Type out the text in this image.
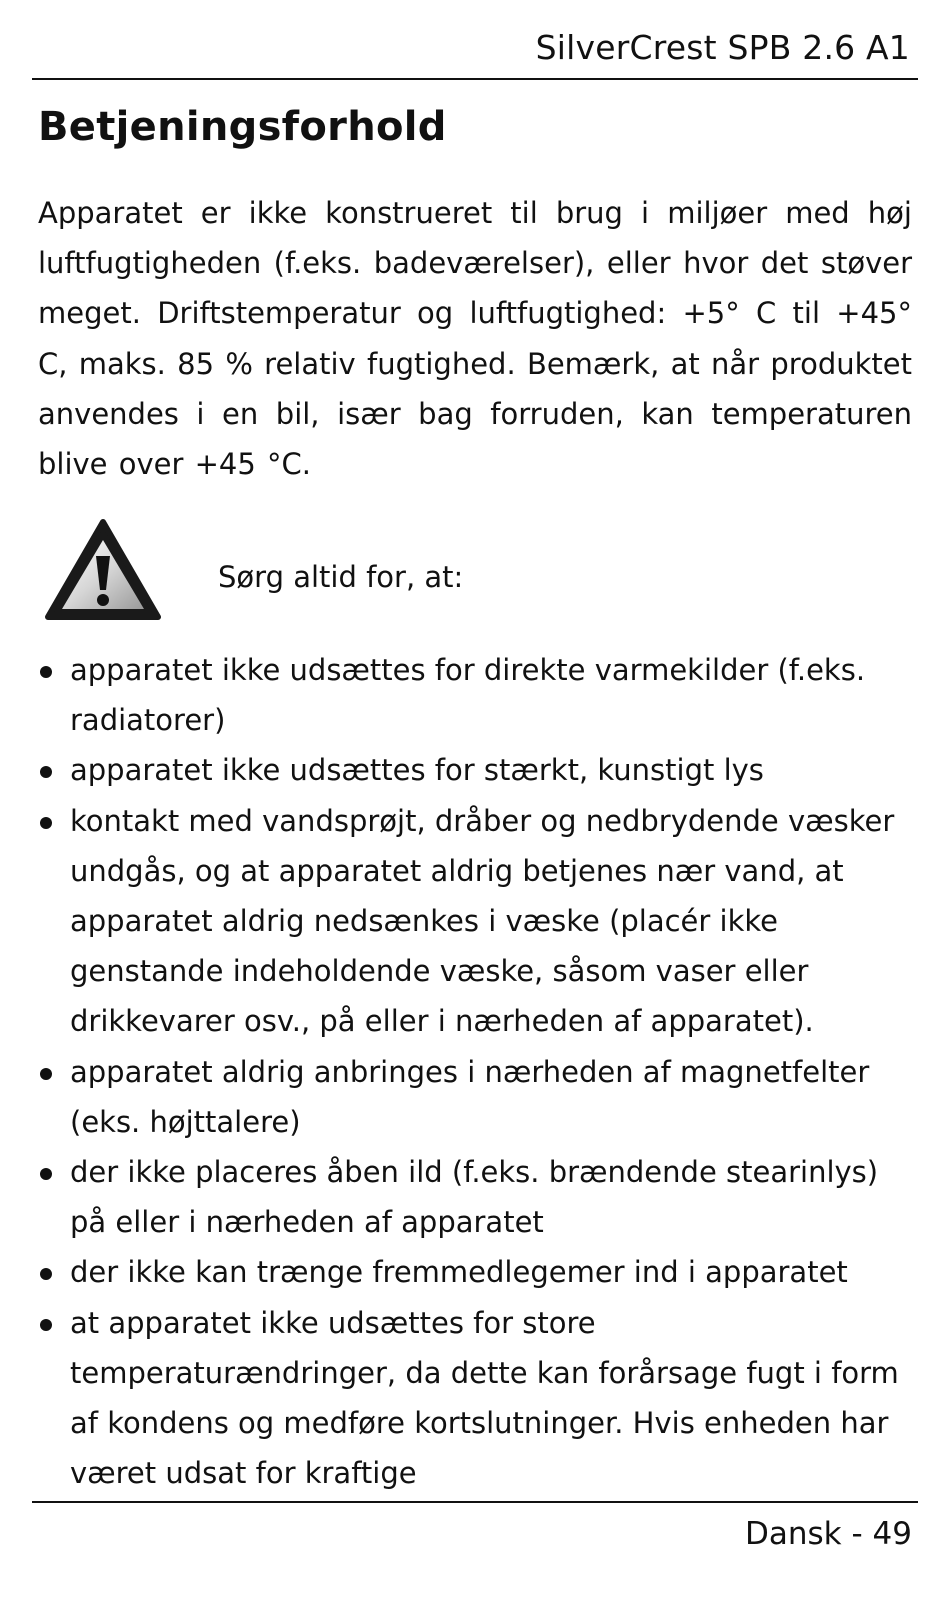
SilverCrest SPB 2.6 A1
Betjeningsforhold

Apparatet er ikke konstrueret til brug i miljøer med høj luftfugtigheden (f.eks. badeværelser), eller hvor det støver meget. Driftstemperatur og luftfugtighed: +5° C til +45° C, maks. 85 % relativ fugtighed. Bemærk, at når produktet anvendes i en bil, især bag forruden, kan temperaturen blive over +45 °C.

Sørg altid for, at:
apparatet ikke udsættes for direkte varmekilder (f.eks. radiatorer)
apparatet ikke udsættes for stærkt, kunstigt lys
kontakt med vandsprøjt, dråber og nedbrydende væsker undgås, og at apparatet aldrig betjenes nær vand, at apparatet aldrig nedsænkes i væske (placér ikke genstande indeholdende væske, såsom vaser eller drikkevarer osv., på eller i nærheden af apparatet).
apparatet aldrig anbringes i nærheden af magnetfelter (eks. højttalere)
der ikke placeres åben ild (f.eks. brændende stearinlys) på eller i nærheden af apparatet
der ikke kan trænge fremmedlegemer ind i apparatet
at apparatet ikke udsættes for store temperaturændringer, da dette kan forårsage fugt i form af kondens og medføre kortslutninger. Hvis enheden har været udsat for kraftige
Dansk - 49
